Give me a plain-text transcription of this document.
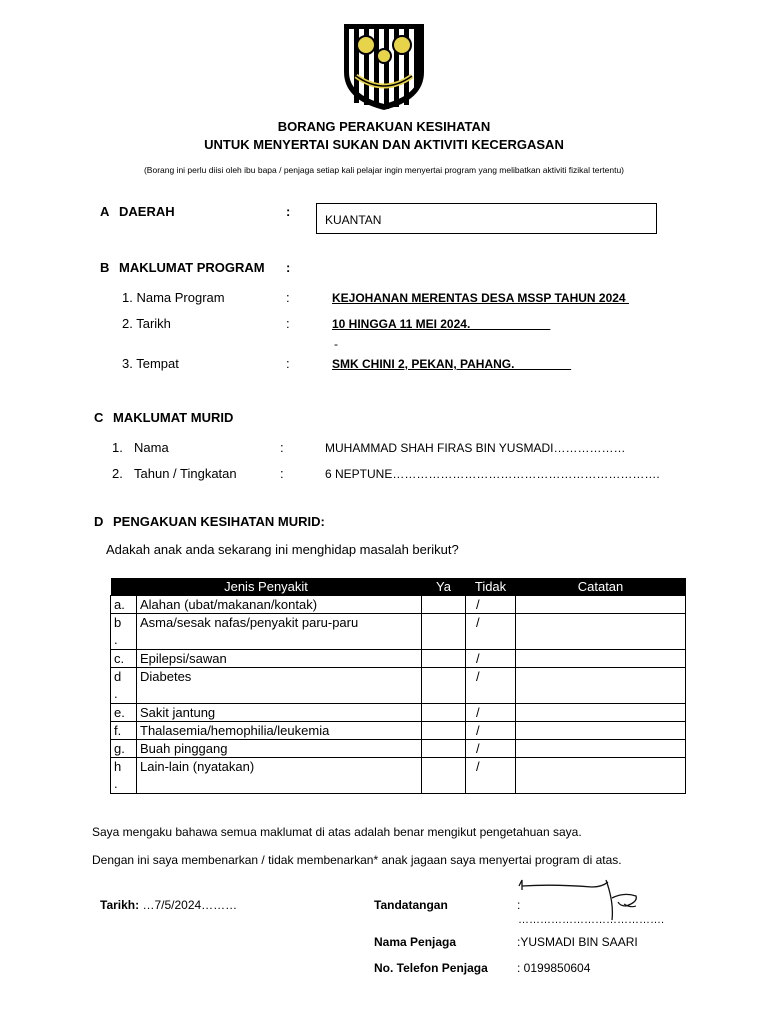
BORANG PERAKUAN KESIHATAN
UNTUK MENYERTAI SUKAN DAN AKTIVITI KECERGASAN
(Borang ini perlu diisi oleh ibu bapa / penjaga setiap kali pelajar ingin menyertai program yang melibatkan aktiviti fizikal tertentu)
A DAERAH	:
KUANTAN
B MAKLUMAT PROGRAM :
1. Nama Program	:	KEJOHANAN MERENTAS DESA MSSP TAHUN 2024
2. Tarikh	:	10 HINGGA 11 MEI 2024.
-
3. Tempat	:	SMK CHINI 2, PEKAN, PAHANG.
C MAKLUMAT MURID
1. Nama	:	MUHAMMAD SHAH FIRAS BIN YUSMADI………………
2. Tahun / Tingkatan	:	6 NEPTUNE………………………………………………………….
D PENGAKUAN KESIHATAN MURID:
Adakah anak anda sekarang ini menghidap masalah berikut?
Jenis Penyakit		Ya	Tidak	Catatan
a.	Alahan (ubat/makanan/kontak)		/	
b
.	Asma/sesak nafas/penyakit paru-paru		/	
c.	Epilepsi/sawan		/	
d
.	Diabetes		/	
e.	Sakit jantung		/	
f.	Thalasemia/hemophilia/leukemia		/	
g.	Buah pinggang		/	
h
.	Lain-lain (nyatakan)		/	
Saya mengaku bahawa semua maklumat di atas adalah benar mengikut pengetahuan saya.
Dengan ini saya membenarkan / tidak membenarkan* anak jagaan saya menyertai program di atas.
Tarikh: …7/5/2024………	Tandatangan	:
………………………………….
Nama Penjaga	:YUSMADI BIN SAARI
No. Telefon Penjaga : 0199850604
